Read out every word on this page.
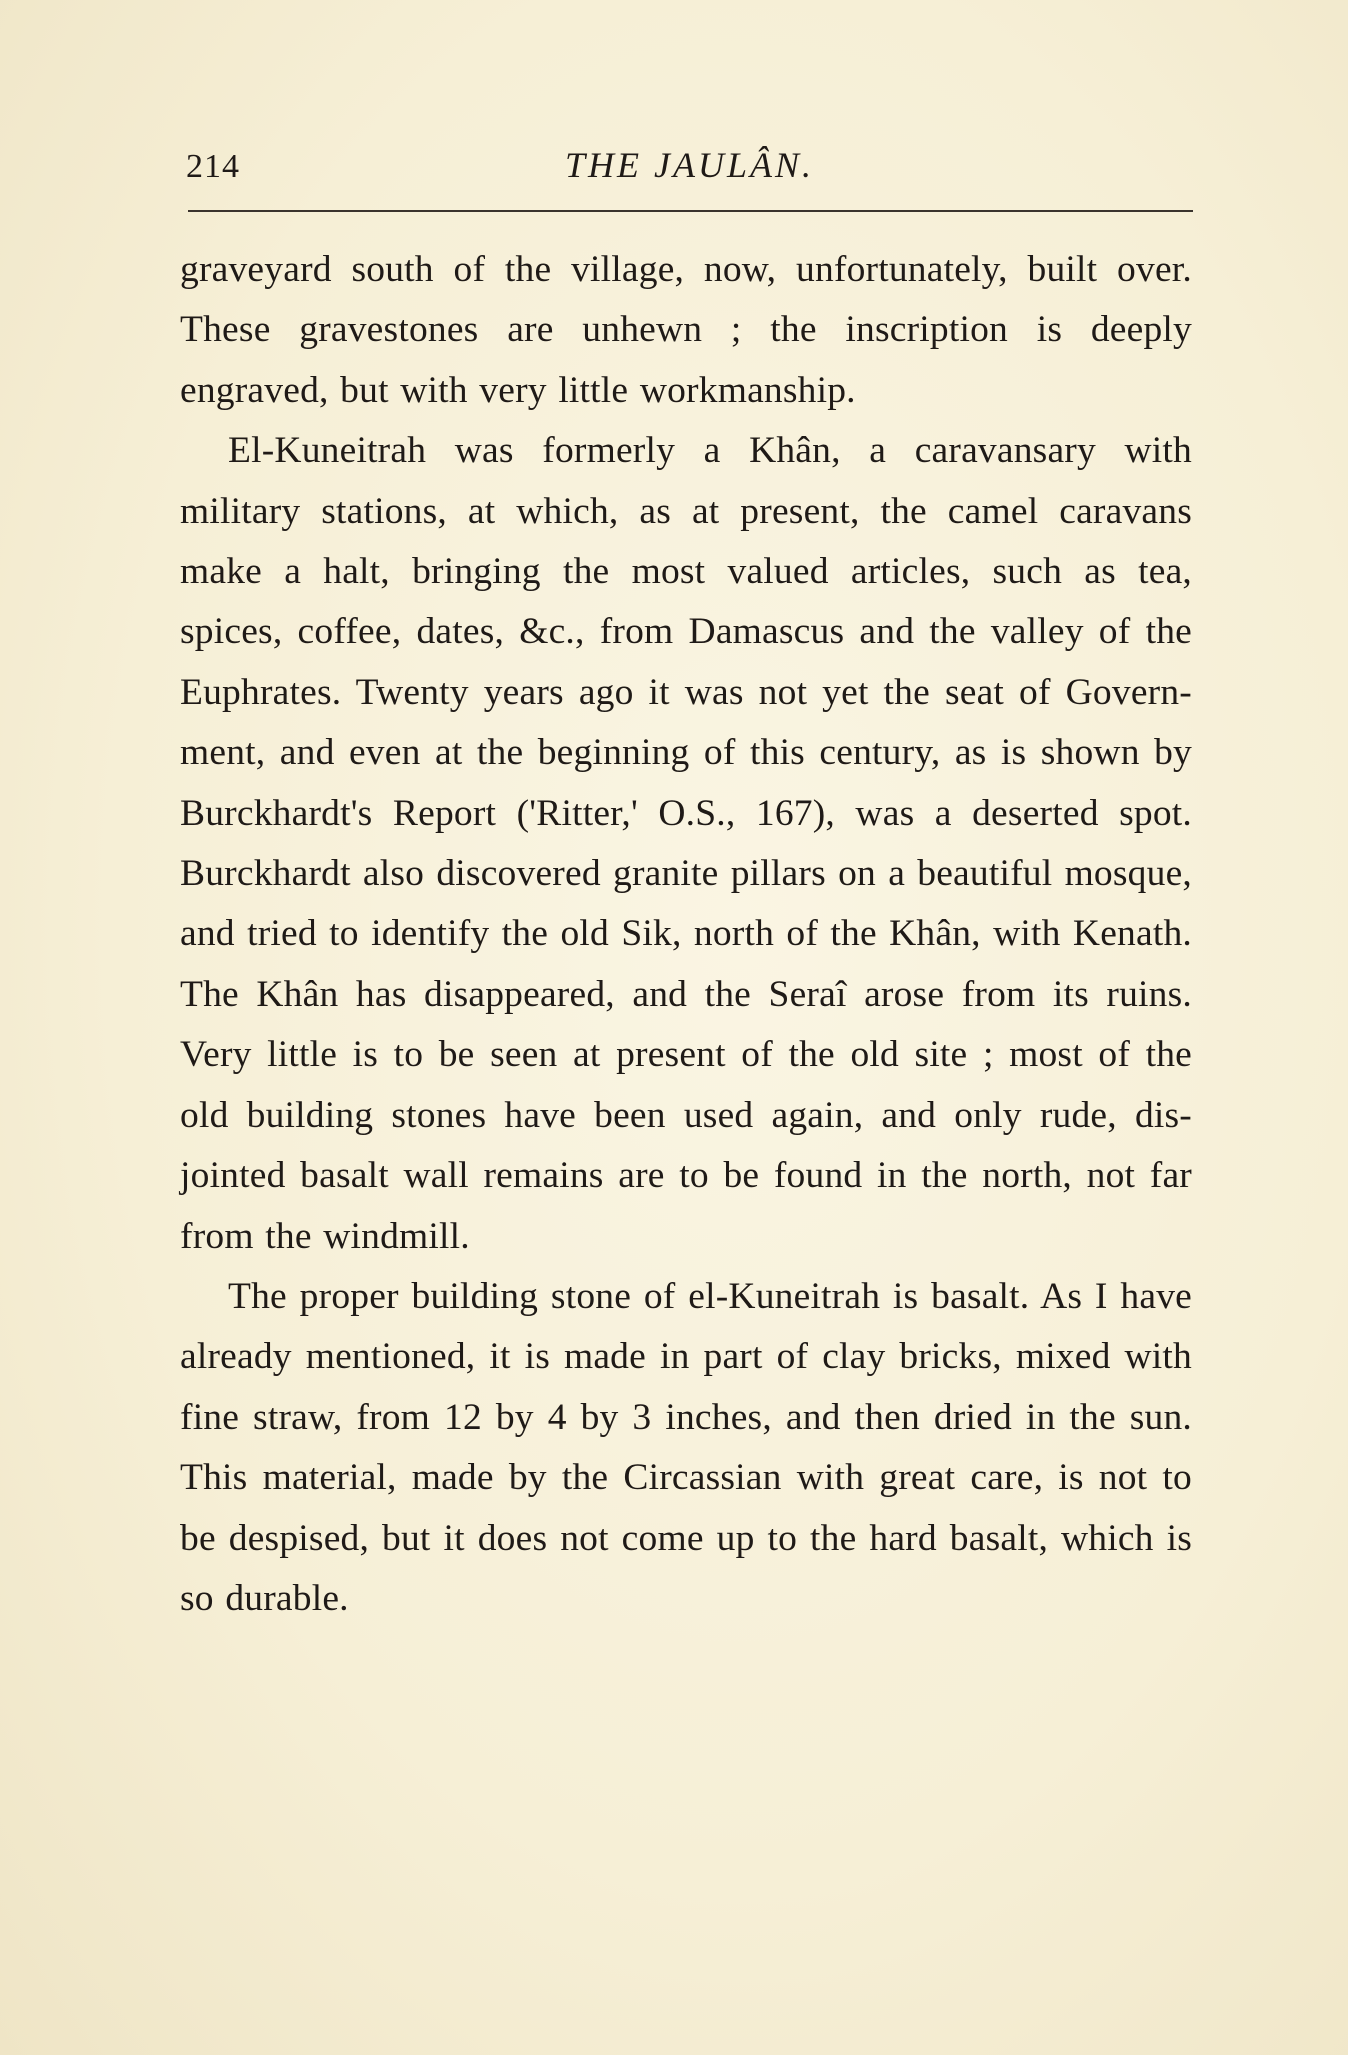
214	THE JAULÂN.

graveyard south of the village, now, unfortunately, built over. These gravestones are unhewn ; the inscription is deeply engraved, but with very little workmanship.

El-Kuneitrah was formerly a Khân, a caravansary with military stations, at which, as at present, the camel caravans make a halt, bringing the most valued articles, such as tea, spices, coffee, dates, &c., from Damascus and the valley of the Euphrates. Twenty years ago it was not yet the seat of Govern- ment, and even at the beginning of this century, as is shown by Burckhardt's Report ('Ritter,' O.S., 167), was a deserted spot. Burckhardt also discovered granite pillars on a beautiful mosque, and tried to identify the old Sik, north of the Khân, with Kenath. The Khân has disappeared, and the Seraî arose from its ruins. Very little is to be seen at present of the old site ; most of the old building stones have been used again, and only rude, dis- jointed basalt wall remains are to be found in the north, not far from the windmill.

The proper building stone of el-Kuneitrah is basalt. As I have already mentioned, it is made in part of clay bricks, mixed with fine straw, from 12 by 4 by 3 inches, and then dried in the sun. This material, made by the Circassian with great care, is not to be despised, but it does not come up to the hard basalt, which is so durable.
